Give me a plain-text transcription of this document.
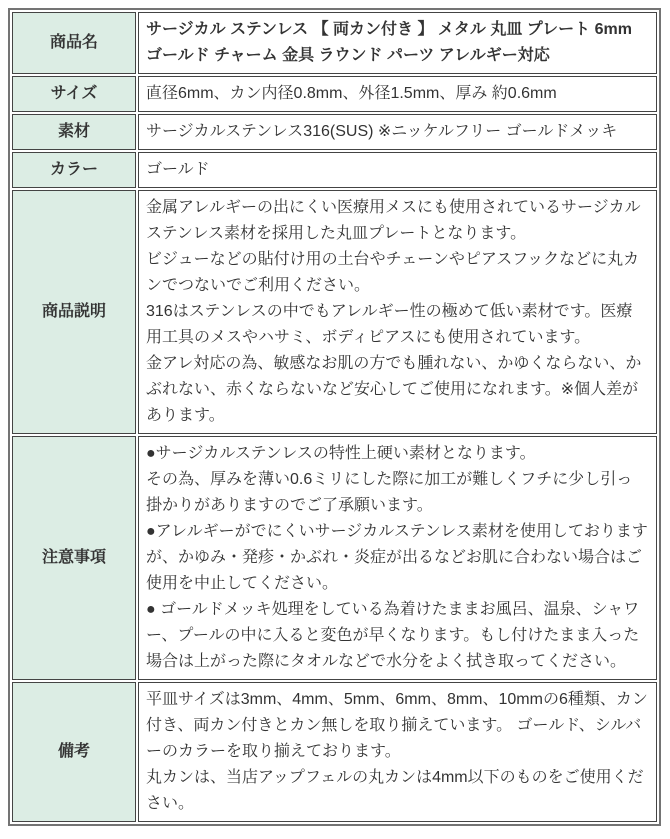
商品名	サージカル ステンレス 【 両カン付き 】 メタル 丸皿 プレート 6mm ゴールド チャーム 金具 ラウンド パーツ アレルギー対応

サイズ	直径6mm、カン内径0.8mm、外径1.5mm、厚み 約0.6mm

素材	サージカルステンレス316(SUS) ※ニッケルフリー ゴールドメッキ

カラー	ゴールド

商品説明	金属アレルギーの出にくい医療用メスにも使用されているサージカルステンレス素材を採用した丸皿プレートとなります。
ビジューなどの貼付け用の土台やチェーンやピアスフックなどに丸カンでつないでご利用ください。
316はステンレスの中でもアレルギー性の極めて低い素材です。医療用工具のメスやハサミ、ボディピアスにも使用されています。
金アレ対応の為、敏感なお肌の方でも腫れない、かゆくならない、かぶれない、赤くならないなど安心してご使用になれます。※個人差があります。

注意事項	●サージカルステンレスの特性上硬い素材となります。
その為、厚みを薄い0.6ミリにした際に加工が難しくフチに少し引っ掛かりがありますのでご了承願います。
●アレルギーがでにくいサージカルステンレス素材を使用しておりますが、かゆみ・発疹・かぶれ・炎症が出るなどお肌に合わない場合はご使用を中止してください。
● ゴールドメッキ処理をしている為着けたままお風呂、温泉、シャワー、プールの中に入ると変色が早くなります。もし付けたまま入った場合は上がった際にタオルなどで水分をよく拭き取ってください。

備考	平皿サイズは3mm、4mm、5mm、6mm、8mm、10mmの6種類、カン付き、両カン付きとカン無しを取り揃えています。 ゴールド、シルバーのカラーを取り揃えております。
丸カンは、当店アップフェルの丸カンは4mm以下のものをご使用ください。
